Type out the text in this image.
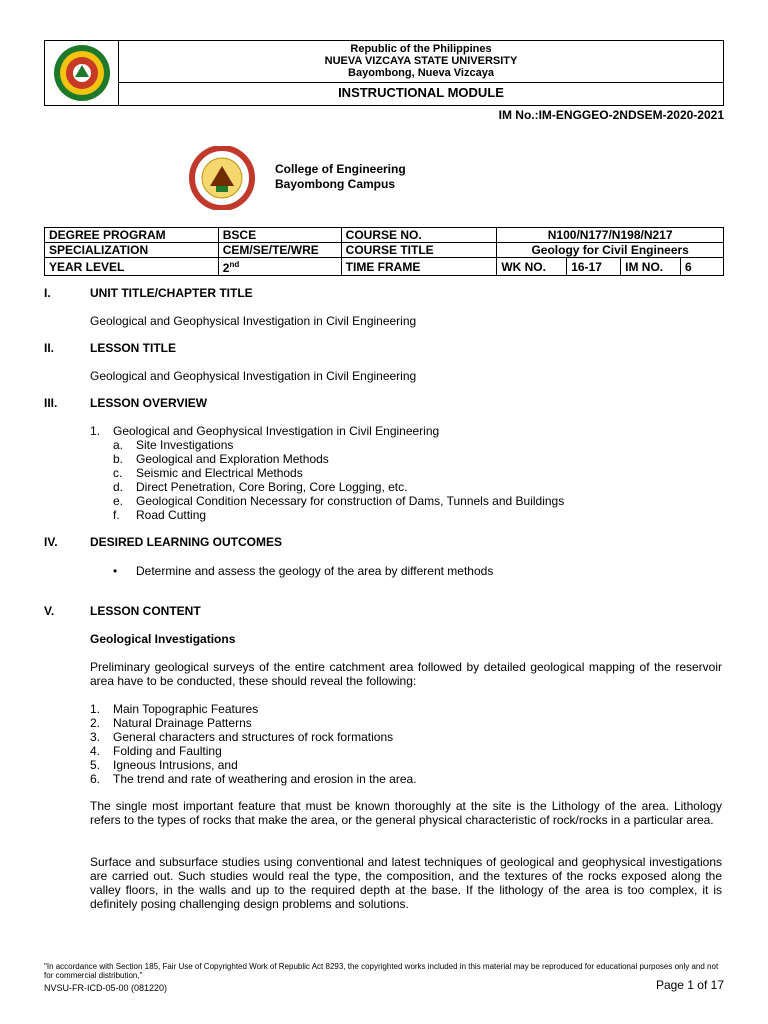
Republic of the Philippines
NUEVA VIZCAYA STATE UNIVERSITY
Bayombong, Nueva Vizcaya
INSTRUCTIONAL MODULE
IM No.:IM-ENGGEO-2NDSEM-2020-2021
College of Engineering
Bayombong Campus
DEGREE PROGRAM	BSCE	COURSE NO.	N100/N177/N198/N217			
SPECIALIZATION	CEM/SE/TE/WRE	COURSE TITLE	Geology for Civil Engineers			
YEAR LEVEL	2nd	TIME FRAME	WK NO.	16-17	IM NO.	6
I.	UNIT TITLE/CHAPTER TITLE
Geological and Geophysical Investigation in Civil Engineering
II.	LESSON TITLE
Geological and Geophysical Investigation in Civil Engineering
III.	LESSON OVERVIEW
1. Geological and Geophysical Investigation in Civil Engineering
a. Site Investigations
b. Geological and Exploration Methods
c. Seismic and Electrical Methods
d. Direct Penetration, Core Boring, Core Logging, etc.
e. Geological Condition Necessary for construction of Dams, Tunnels and Buildings
f. Road Cutting
IV.	DESIRED LEARNING OUTCOMES
• Determine and assess the geology of the area by different methods
V.	LESSON CONTENT
Geological Investigations
Preliminary geological surveys of the entire catchment area followed by detailed geological mapping of the reservoir area have to be conducted, these should reveal the following:
1. Main Topographic Features
2. Natural Drainage Patterns
3. General characters and structures of rock formations
4. Folding and Faulting
5. Igneous Intrusions, and
6. The trend and rate of weathering and erosion in the area.
The single most important feature that must be known thoroughly at the site is the Lithology of the area. Lithology refers to the types of rocks that make the area, or the general physical characteristic of rock/rocks in a particular area.
Surface and subsurface studies using conventional and latest techniques of geological and geophysical investigations are carried out. Such studies would real the type, the composition, and the textures of the rocks exposed along the valley floors, in the walls and up to the required depth at the base. If the lithology of the area is too complex, it is definitely posing challenging design problems and solutions.
"In accordance with Section 185, Fair Use of Copyrighted Work of Republic Act 8293, the copyrighted works included in this material may be reproduced for educational purposes only and not for commercial distribution,"
NVSU-FR-ICD-05-00 (081220)	Page 1 of 17
